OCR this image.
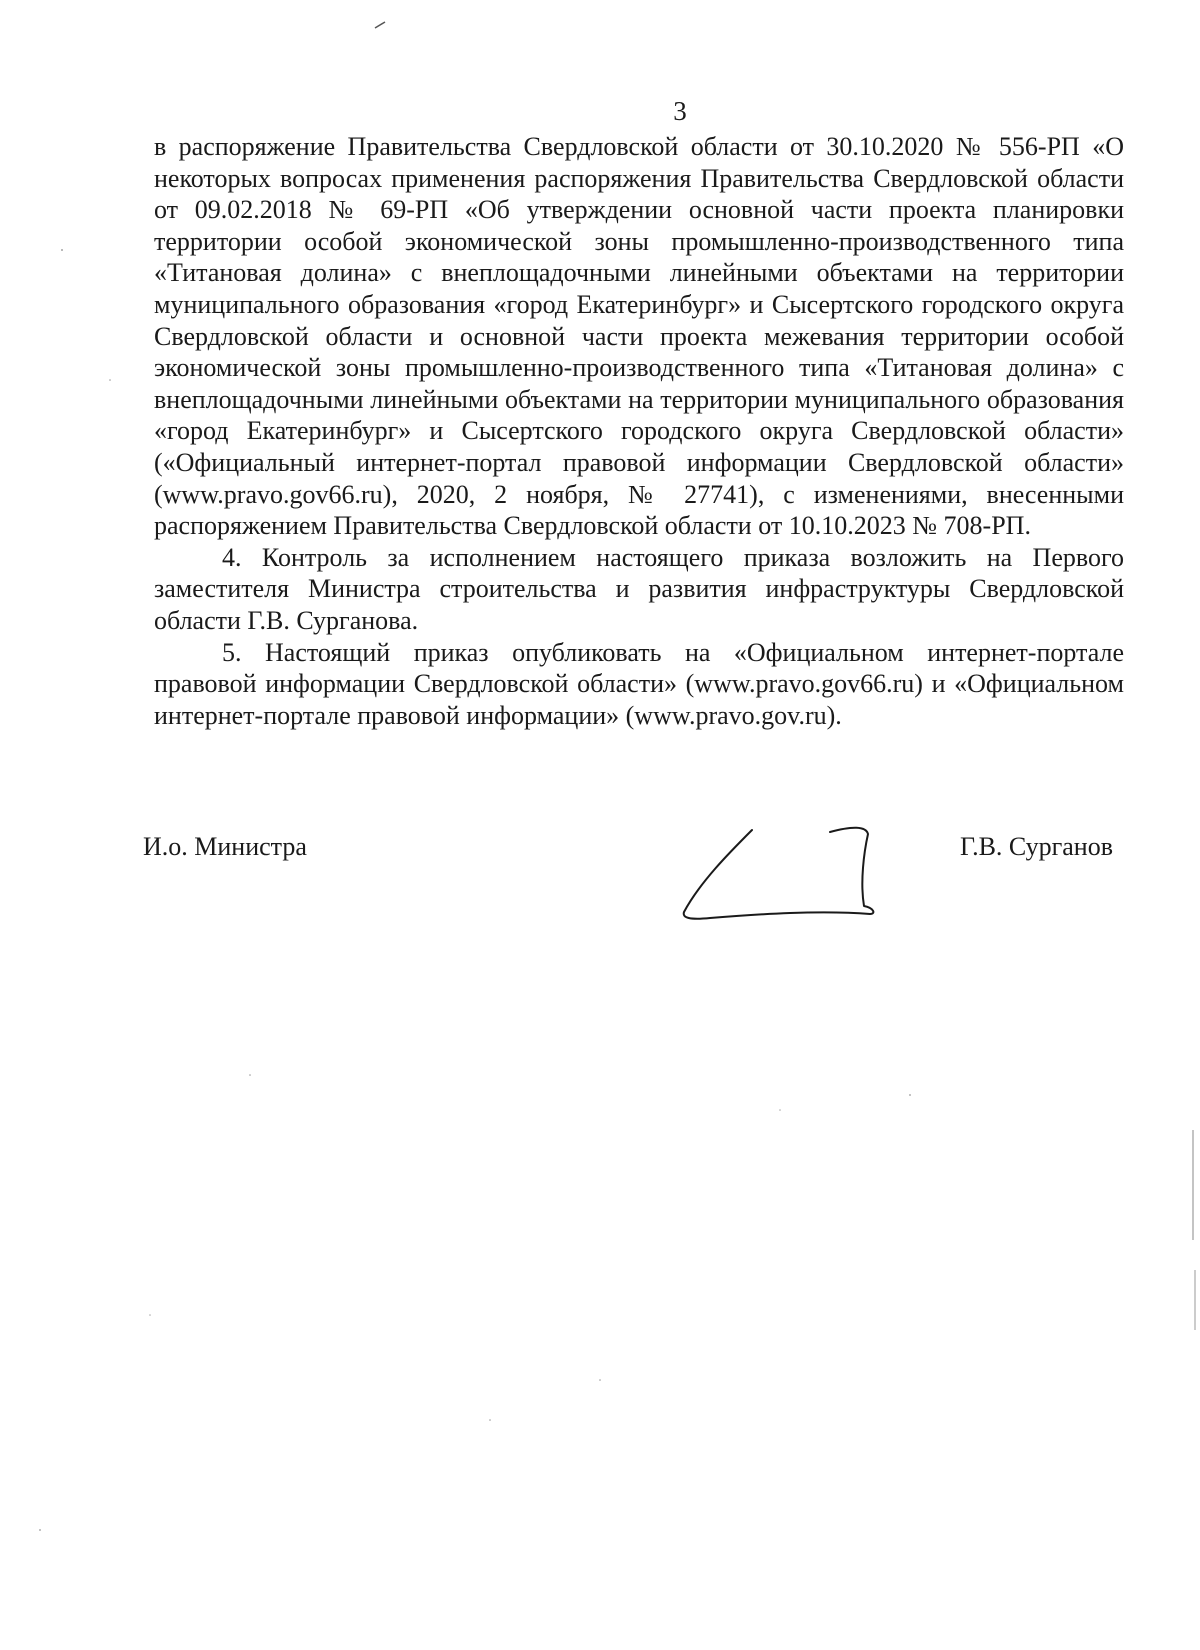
3

в распоряжение Правительства Свердловской области от 30.10.2020 № 556-РП «О некоторых вопросах применения распоряжения Правительства Свердловской области от 09.02.2018 № 69-РП «Об утверждении основной части проекта планировки территории особой экономической зоны промышленно-производственного типа «Титановая долина» с внеплощадочными линейными объектами на территории муниципального образования «город Екатеринбург» и Сысертского городского округа Свердловской области и основной части проекта межевания территории особой экономической зоны промышленно-производственного типа «Титановая долина» с внеплощадочными линейными объектами на территории муниципального образования «город Екатеринбург» и Сысертского городского округа Свердловской области» («Официальный интернет-портал правовой информации Свердловской области» (www.pravo.gov66.ru), 2020, 2 ноября, № 27741), с изменениями, внесенными распоряжением Правительства Свердловской области от 10.10.2023 № 708-РП.

4. Контроль за исполнением настоящего приказа возложить на Первого заместителя Министра строительства и развития инфраструктуры Свердловской области Г.В. Сурганова.

5. Настоящий приказ опубликовать на «Официальном интернет-портале правовой информации Свердловской области» (www.pravo.gov66.ru) и «Официальном интернет-портале правовой информации» (www.pravo.gov.ru).

И.о. Министра	Г.В. Сурганов
